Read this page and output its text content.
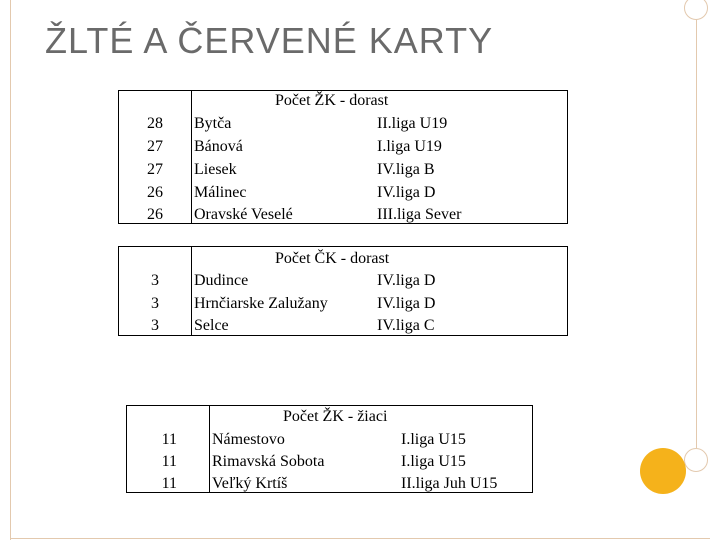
ŽLTÉ A ČERVENÉ KARTY
Počet ŽK - dorast
28 Bytča	II.liga U19
27 Bánová	I.liga U19
27 Liesek	IV.liga B
26 Málinec	IV.liga D
26 Oravské Veselé	III.liga Sever
Počet ČK - dorast
3 Dudince	IV.liga D
3 Hrnčiarske Zalužany	IV.liga D
3 Selce	IV.liga C
Počet ŽK - žiaci
11 Námestovo	I.liga U15
11 Rimavská Sobota	I.liga U15
11 Veľký Krtíš	II.liga Juh U15
